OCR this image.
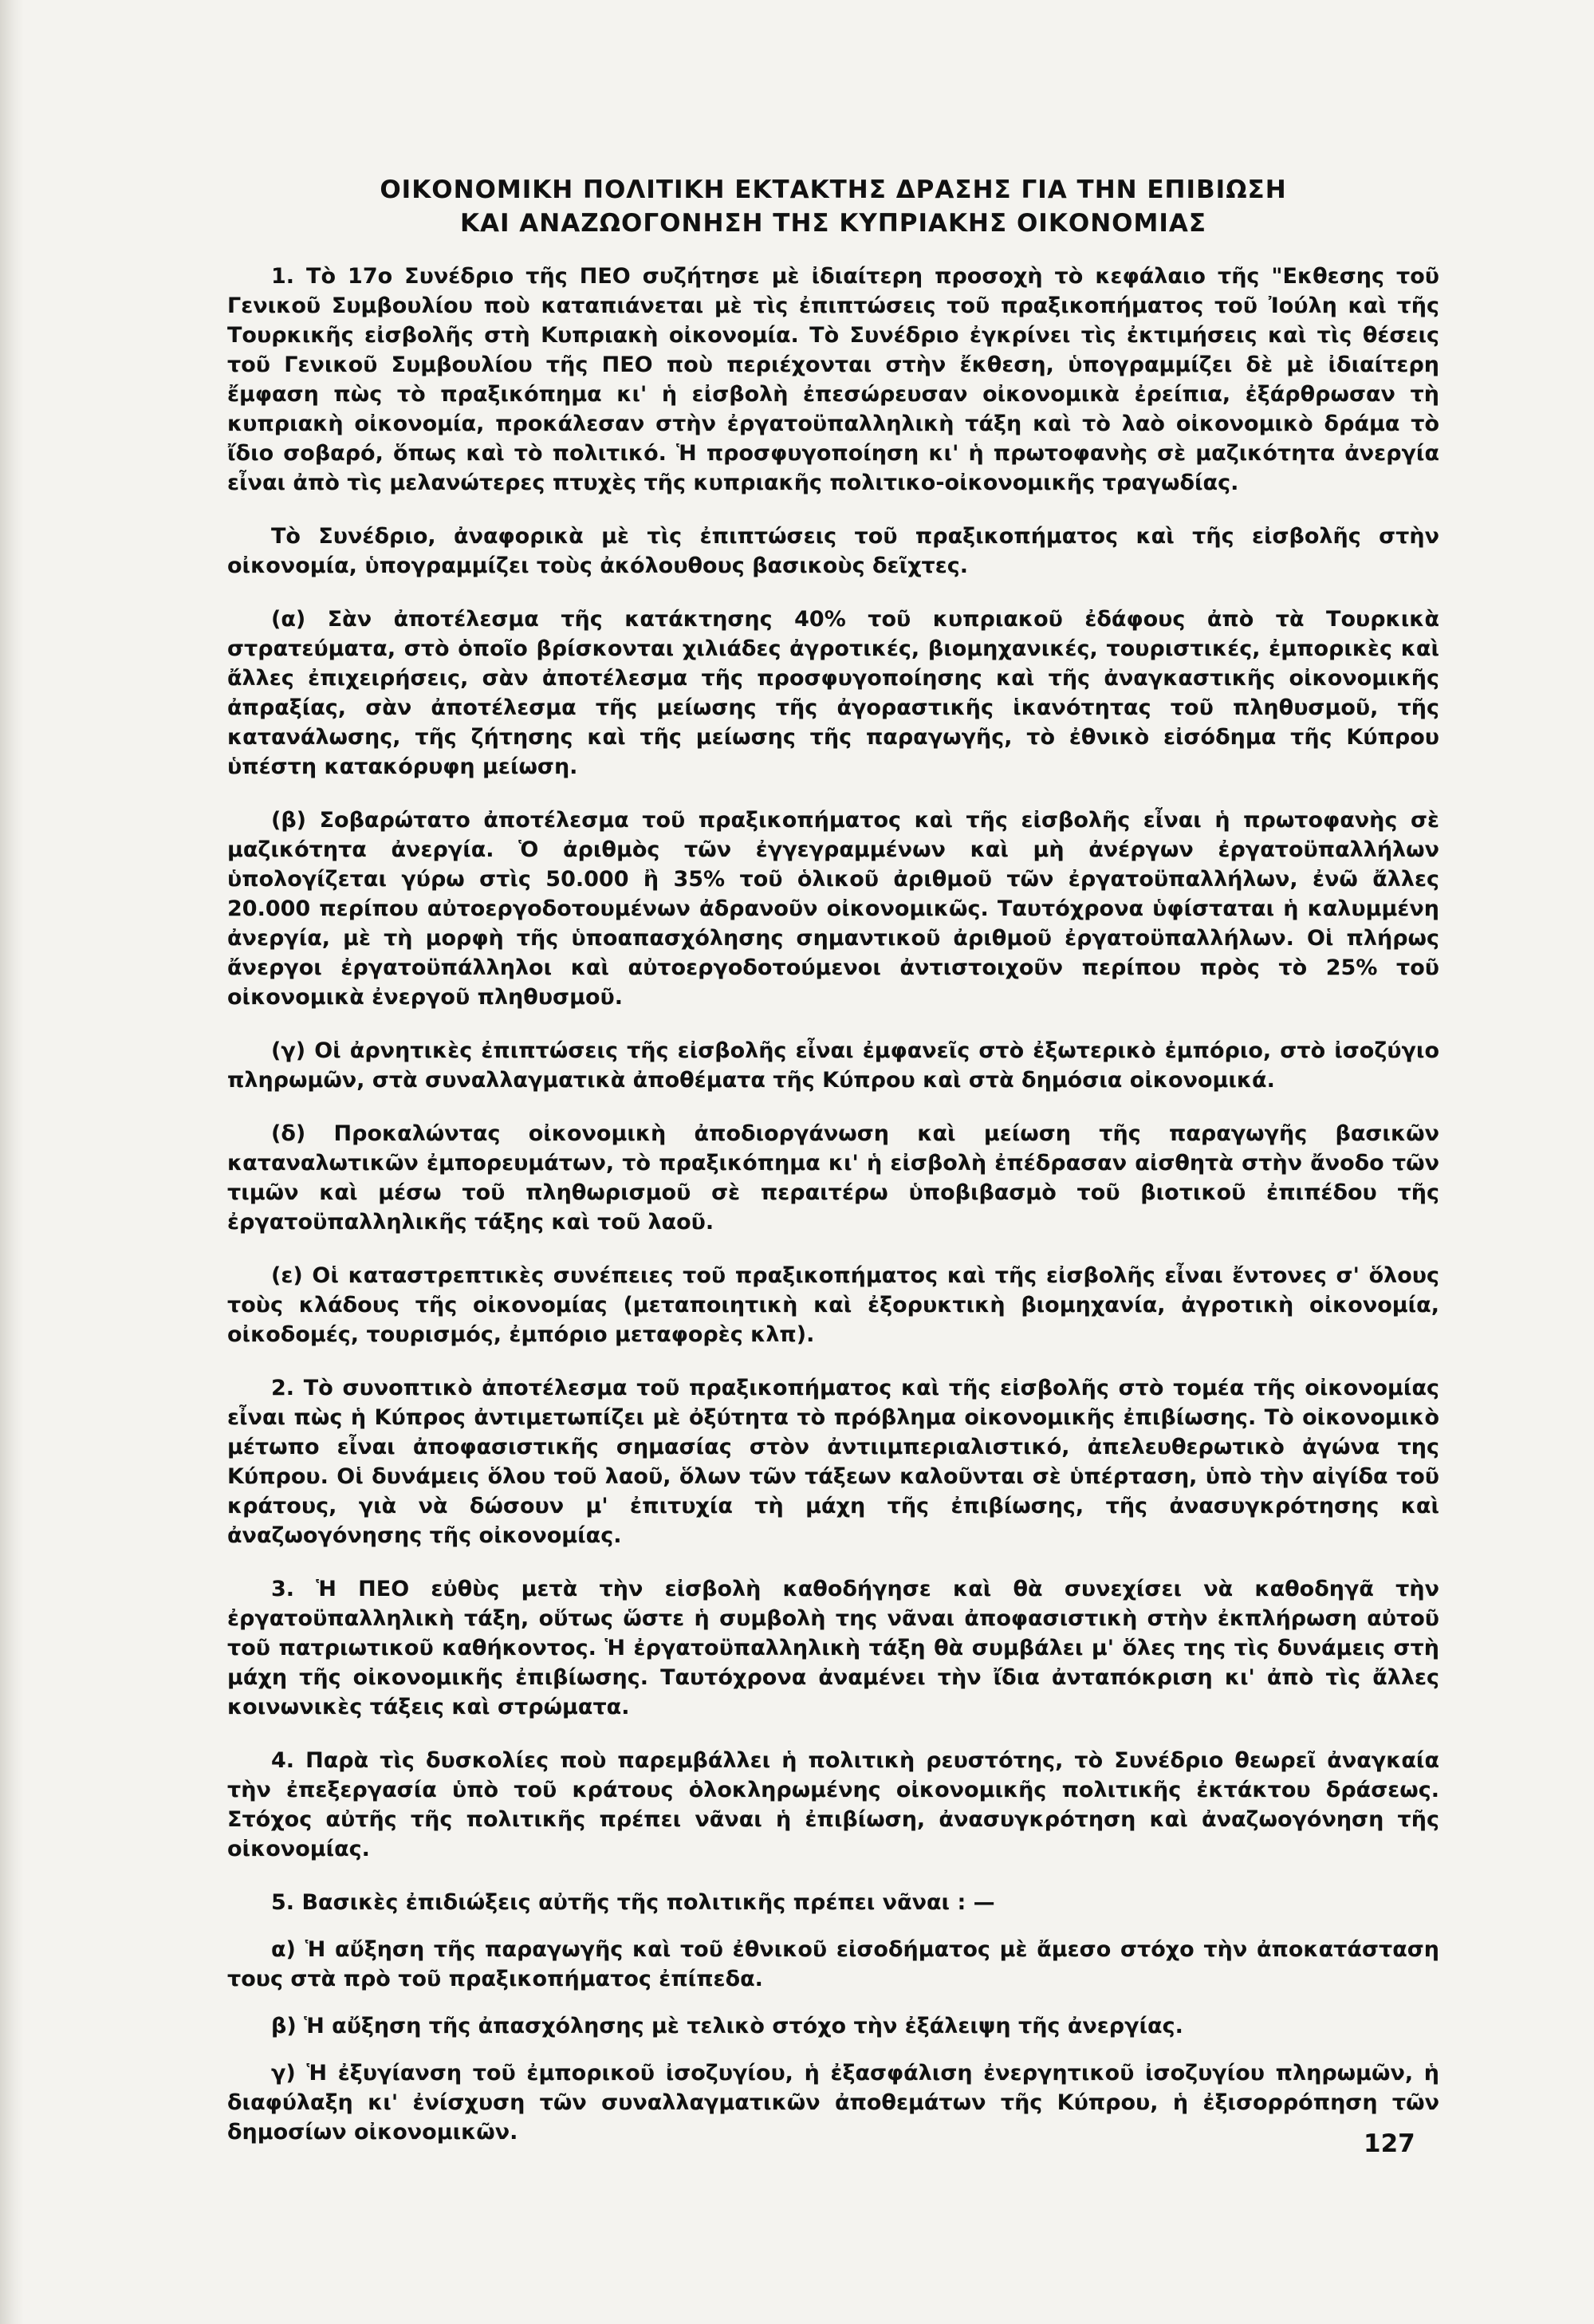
ΟΙΚΟΝΟΜΙΚΗ ΠΟΛΙΤΙΚΗ ΕΚΤΑΚΤΗΣ ΔΡΑΣΗΣ ΓΙΑ ΤΗΝ ΕΠΙΒΙΩΣΗ
ΚΑΙ ΑΝΑΖΩΟΓΟΝΗΣΗ ΤΗΣ ΚΥΠΡΙΑΚΗΣ ΟΙΚΟΝΟΜΙΑΣ

1. Τὸ 17ο Συνέδριο τῆς ΠΕΟ συζήτησε μὲ ἰδιαίτερη προσοχὴ τὸ κεφάλαιο τῆς "Εκθεσης τοῦ Γενικοῦ Συμβουλίου ποὺ καταπιάνεται μὲ τὶς ἐπιπτώσεις τοῦ πραξικοπήματος τοῦ Ἰούλη καὶ τῆς Τουρκικῆς εἰσβολῆς στὴ Κυπριακὴ οἰκονομία. Τὸ Συνέδριο ἐγκρίνει τὶς ἐκτιμήσεις καὶ τὶς θέσεις τοῦ Γενικοῦ Συμβουλίου τῆς ΠΕΟ ποὺ περιέχονται στὴν ἔκθεση, ὑπογραμμίζει δὲ μὲ ἰδιαίτερη ἔμφαση πὼς τὸ πραξικόπημα κι' ἡ εἰσβολὴ ἐπεσώρευσαν οἰκονομικὰ ἐρείπια, ἐξάρθρωσαν τὴ κυπριακὴ οἰκονομία, προκάλεσαν στὴν ἐργατοϋπαλληλικὴ τάξη καὶ τὸ λαὸ οἰκονομικὸ δράμα τὸ ἴδιο σοβαρό, ὅπως καὶ τὸ πολιτικό. Ἡ προσφυγοποίηση κι' ἡ πρωτοφανὴς σὲ μαζικότητα ἀνεργία εἶναι ἀπὸ τὶς μελανώτερες πτυχὲς τῆς κυπριακῆς πολιτικο-οἰκονομικῆς τραγωδίας.

Τὸ Συνέδριο, ἀναφορικὰ μὲ τὶς ἐπιπτώσεις τοῦ πραξικοπήματος καὶ τῆς εἰσβολῆς στὴν οἰκονομία, ὑπογραμμίζει τοὺς ἀκόλουθους βασικοὺς δεῖχτες.

(α) Σὰν ἀποτέλεσμα τῆς κατάκτησης 40% τοῦ κυπριακοῦ ἐδάφους ἀπὸ τὰ Τουρκικὰ στρατεύματα, στὸ ὁποῖο βρίσκονται χιλιάδες ἀγροτικές, βιομηχανικές, τουριστικές, ἐμπορικὲς καὶ ἄλλες ἐπιχειρήσεις, σὰν ἀποτέλεσμα τῆς προσφυγοποίησης καὶ τῆς ἀναγκαστικῆς οἰκονομικῆς ἀπραξίας, σὰν ἀποτέλεσμα τῆς μείωσης τῆς ἀγοραστικῆς ἱκανότητας τοῦ πληθυσμοῦ, τῆς κατανάλωσης, τῆς ζήτησης καὶ τῆς μείωσης τῆς παραγωγῆς, τὸ ἐθνικὸ εἰσόδημα τῆς Κύπρου ὑπέστη κατακόρυφη μείωση.

(β) Σοβαρώτατο ἀποτέλεσμα τοῦ πραξικοπήματος καὶ τῆς εἰσβολῆς εἶναι ἡ πρωτοφανὴς σὲ μαζικότητα ἀνεργία. Ὁ ἀριθμὸς τῶν ἐγγεγραμμένων καὶ μὴ ἀνέργων ἐργατοϋπαλλήλων ὑπολογίζεται γύρω στὶς 50.000 ἢ 35% τοῦ ὁλικοῦ ἀριθμοῦ τῶν ἐργατοϋπαλλήλων, ἐνῶ ἄλλες 20.000 περίπου αὐτοεργοδοτουμένων ἀδρανοῦν οἰκονομικῶς. Ταυτόχρονα ὑφίσταται ἡ καλυμμένη ἀνεργία, μὲ τὴ μορφὴ τῆς ὑποαπασχόλησης σημαντικοῦ ἀριθμοῦ ἐργατοϋπαλλήλων. Οἱ πλήρως ἄνεργοι ἐργατοϋπάλληλοι καὶ αὐτοεργοδοτούμενοι ἀντιστοιχοῦν περίπου πρὸς τὸ 25% τοῦ οἰκονομικὰ ἐνεργοῦ πληθυσμοῦ.

(γ) Οἱ ἀρνητικὲς ἐπιπτώσεις τῆς εἰσβολῆς εἶναι ἐμφανεῖς στὸ ἐξωτερικὸ ἐμπόριο, στὸ ἰσοζύγιο πληρωμῶν, στὰ συναλλαγματικὰ ἀποθέματα τῆς Κύπρου καὶ στὰ δημόσια οἰκονομικά.

(δ) Προκαλώντας οἰκονομικὴ ἀποδιοργάνωση καὶ μείωση τῆς παραγωγῆς βασικῶν καταναλωτικῶν ἐμπορευμάτων, τὸ πραξικόπημα κι' ἡ εἰσβολὴ ἐπέδρασαν αἰσθητὰ στὴν ἄνοδο τῶν τιμῶν καὶ μέσω τοῦ πληθωρισμοῦ σὲ περαιτέρω ὑποβιβασμὸ τοῦ βιοτικοῦ ἐπιπέδου τῆς ἐργατοϋπαλληλικῆς τάξης καὶ τοῦ λαοῦ.

(ε) Οἱ καταστρεπτικὲς συνέπειες τοῦ πραξικοπήματος καὶ τῆς εἰσβολῆς εἶναι ἔντονες σ' ὅλους τοὺς κλάδους τῆς οἰκονομίας (μεταποιητικὴ καὶ ἐξορυκτικὴ βιομηχανία, ἀγροτικὴ οἰκονομία, οἰκοδομές, τουρισμός, ἐμπόριο μεταφορὲς κλπ).

2. Τὸ συνοπτικὸ ἀποτέλεσμα τοῦ πραξικοπήματος καὶ τῆς εἰσβολῆς στὸ τομέα τῆς οἰκονομίας εἶναι πὼς ἡ Κύπρος ἀντιμετωπίζει μὲ ὀξύτητα τὸ πρόβλημα οἰκονομικῆς ἐπιβίωσης. Τὸ οἰκονομικὸ μέτωπο εἶναι ἀποφασιστικῆς σημασίας στὸν ἀντιιμπεριαλιστικό, ἀπελευθερωτικὸ ἀγώνα της Κύπρου. Οἱ δυνάμεις ὅλου τοῦ λαοῦ, ὅλων τῶν τάξεων καλοῦνται σὲ ὑπέρταση, ὑπὸ τὴν αἰγίδα τοῦ κράτους, γιὰ νὰ δώσουν μ' ἐπιτυχία τὴ μάχη τῆς ἐπιβίωσης, τῆς ἀνασυγκρότησης καὶ ἀναζωογόνησης τῆς οἰκονομίας.

3. Ἡ ΠΕΟ εὐθὺς μετὰ τὴν εἰσβολὴ καθοδήγησε καὶ θὰ συνεχίσει νὰ καθοδηγᾶ τὴν ἐργατοϋπαλληλικὴ τάξη, οὕτως ὥστε ἡ συμβολὴ της νᾶναι ἀποφασιστικὴ στὴν ἐκπλήρωση αὐτοῦ τοῦ πατριωτικοῦ καθήκοντος. Ἡ ἐργατοϋπαλληλικὴ τάξη θὰ συμβάλει μ' ὅλες της τὶς δυνάμεις στὴ μάχη τῆς οἰκονομικῆς ἐπιβίωσης. Ταυτόχρονα ἀναμένει τὴν ἴδια ἀνταπόκριση κι' ἀπὸ τὶς ἄλλες κοινωνικὲς τάξεις καὶ στρώματα.

4. Παρὰ τὶς δυσκολίες ποὺ παρεμβάλλει ἡ πολιτικὴ ρευστότης, τὸ Συνέδριο θεωρεῖ ἀναγκαία τὴν ἐπεξεργασία ὑπὸ τοῦ κράτους ὁλοκληρωμένης οἰκονομικῆς πολιτικῆς ἐκτάκτου δράσεως. Στόχος αὐτῆς τῆς πολιτικῆς πρέπει νᾶναι ἡ ἐπιβίωση, ἀνασυγκρότηση καὶ ἀναζωογόνηση τῆς οἰκονομίας.

5. Βασικὲς ἐπιδιώξεις αὐτῆς τῆς πολιτικῆς πρέπει νᾶναι : —

α) Ἡ αὔξηση τῆς παραγωγῆς καὶ τοῦ ἐθνικοῦ εἰσοδήματος μὲ ἄμεσο στόχο τὴν ἀποκατάσταση τους στὰ πρὸ τοῦ πραξικοπήματος ἐπίπεδα.

β) Ἡ αὔξηση τῆς ἀπασχόλησης μὲ τελικὸ στόχο τὴν ἐξάλειψη τῆς ἀνεργίας.

γ) Ἡ ἐξυγίανση τοῦ ἐμπορικοῦ ἰσοζυγίου, ἡ ἐξασφάλιση ἐνεργητικοῦ ἰσοζυγίου πληρωμῶν, ἡ διαφύλαξη κι' ἐνίσχυση τῶν συναλλαγματικῶν ἀποθεμάτων τῆς Κύπρου, ἡ ἐξισορρόπηση τῶν δημοσίων οἰκονομικῶν.	127
